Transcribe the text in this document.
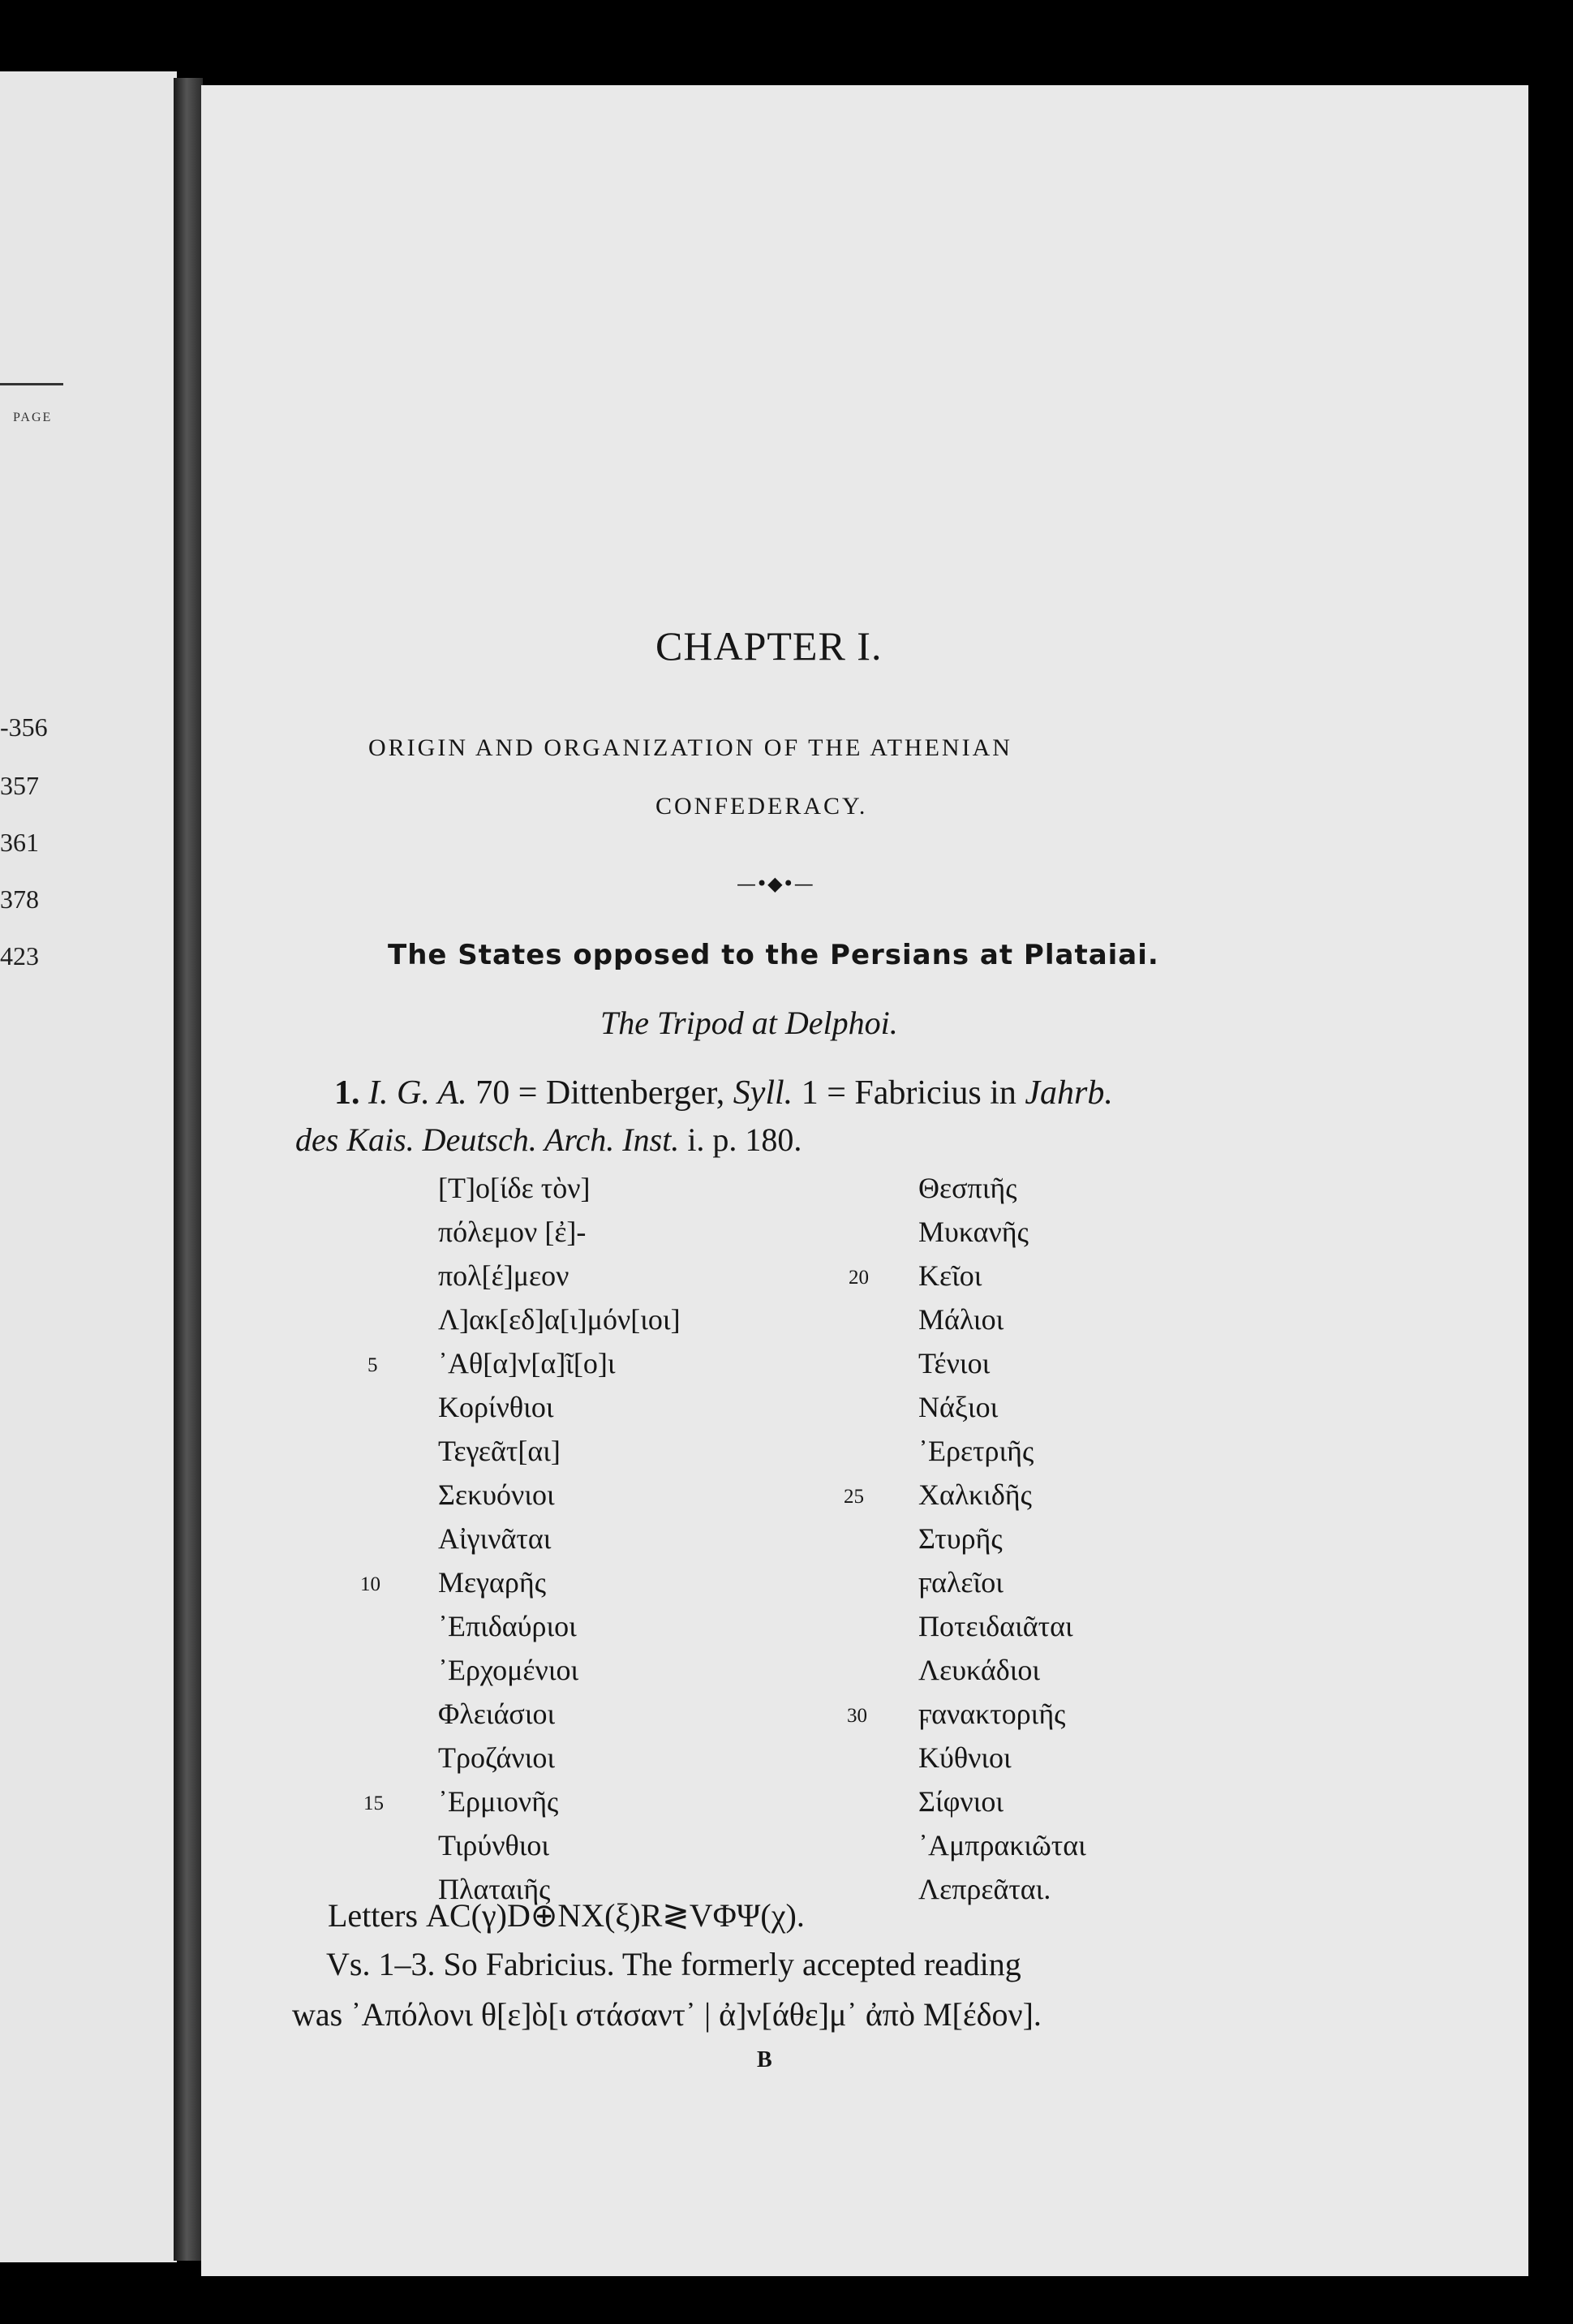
PAGE
-356
357
361
378
423
CHAPTER I.
ORIGIN AND ORGANIZATION OF THE ATHENIAN
CONFEDERACY.
—•◆•—
The States opposed to the Persians at Plataiai.
The Tripod at Delphoi.
1. I. G. A. 70 = Dittenberger, Syll. 1 = Fabricius in Jahrb.
des Kais. Deutsch. Arch. Inst. i. p. 180.
[Τ]ο[ίδε τὸν]
πόλεμον [ἐ]-
πολ[έ]μεον
Λ]ακ[εδ]α[ι]μόν[ιοι]
᾿Αθ[α]ν[α]ῖ[ο]ι
Κορίνθιοι
Τεγεᾶτ[αι]
Σεκυόνιοι
Αἰγινᾶται
Μεγαρῆς
᾿Επιδαύριοι
᾿Ερχομένιοι
Φλειάσιοι
Τροζάνιοι
᾿Ερμιονῆς
Τιρύνθιοι
Πλαταιῆς
5
10
15
Θεσπιῆς
Μυκανῆς
Κεῖοι
Μάλιοι
Τένιοι
Νάξιοι
᾿Ερετριῆς
Χαλκιδῆς
Στυρῆς
ϝαλεῖοι
Ποτειδαιᾶται
Λευκάδιοι
ϝανακτοριῆς
Κύθνιοι
Σίφνιοι
᾿Αμπρακιῶται
Λεπρεᾶται.
20
25
30
Letters ΑC(γ)D⊕ΝΧ(ξ)R≷VΦΨ(χ).
Vs. 1–3. So Fabricius. The formerly accepted reading
was ᾿Απόλονι θ[ε]ὸ[ι στάσαντ᾿ | ἀ]ν[άθε]μ᾿ ἀπὸ Μ[έδον].
B
